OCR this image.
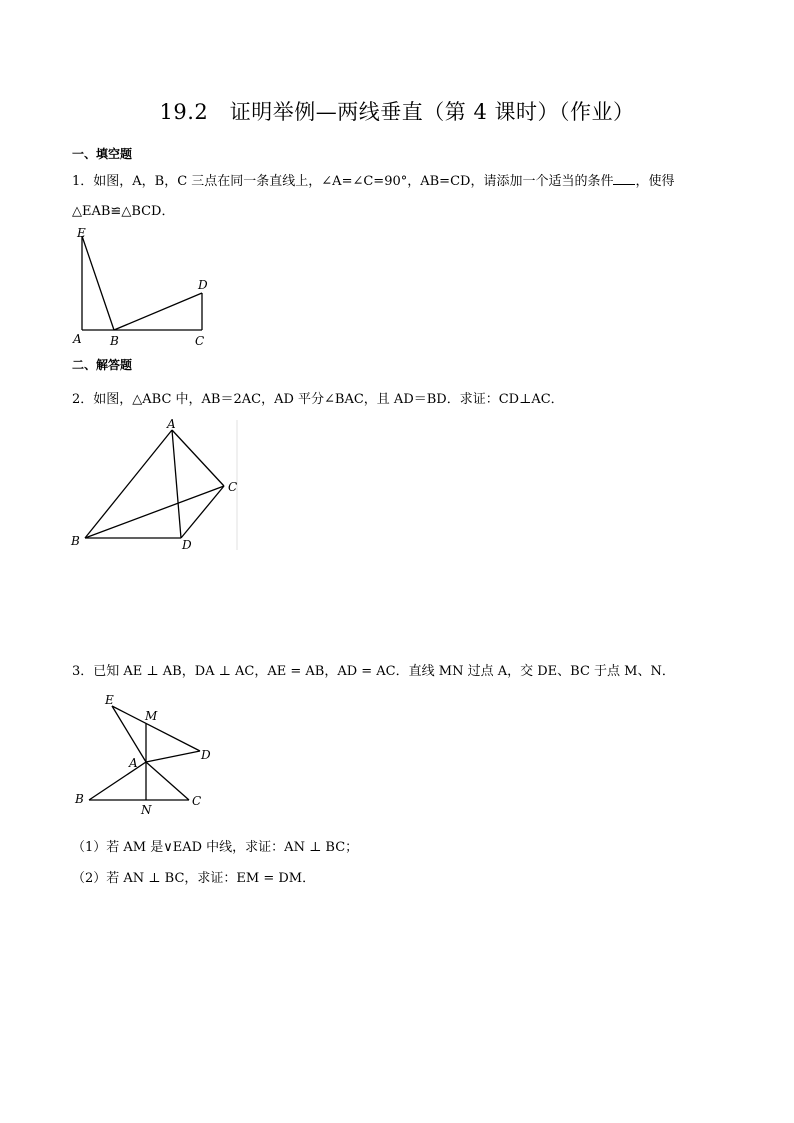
19.2　证明举例—两线垂直（第 4 课时）（作业）
一、填空题
1．如图，A，B，C 三点在同一条直线上，∠A=∠C=90°，AB=CD，请添加一个适当的条件 ，使得
△EAB≌△BCD．
E
A B	C
D
二、解答题
2．如图，△ABC 中，AB＝2AC，AD 平分∠BAC，且 AD＝BD．求证：CD⊥AC．
A
B
C
D
3．已知 AE ⊥ AB，DA ⊥ AC，AE = AB，AD = AC．直线 MN 过点 A，交 DE、BC 于点 M、N．
E
M
D
A
B
N
C
（1）若 AM 是∨EAD 中线，求证：AN ⊥ BC；
（2）若 AN ⊥ BC，求证：EM = DM．
